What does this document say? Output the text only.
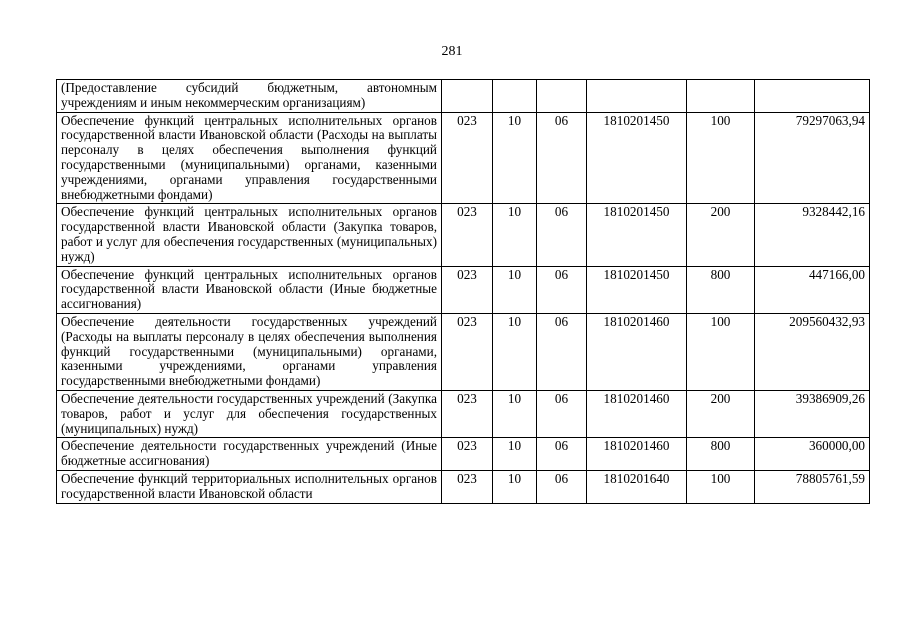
281
(Предоставление субсидий бюджетным, автономным учреждениям и иным некоммерческим организациям)						
Обеспечение функций центральных исполнительных органов государственной власти Ивановской области (Расходы на выплаты персоналу в целях обеспечения выполнения функций государственными (муниципальными) органами, казенными учреждениями, органами управления государственными внебюджетными фондами)	023	10	06	1810201450	100	79297063,94
Обеспечение функций центральных исполнительных органов государственной власти Ивановской области (Закупка товаров, работ и услуг для обеспечения государственных (муниципальных) нужд)	023	10	06	1810201450	200	9328442,16
Обеспечение функций центральных исполнительных органов государственной власти Ивановской области (Иные бюджетные ассигнования)	023	10	06	1810201450	800	447166,00
Обеспечение деятельности государственных учреждений (Расходы на выплаты персоналу в целях обеспечения выполнения функций государственными (муниципальными) органами, казенными учреждениями, органами управления государственными внебюджетными фондами)	023	10	06	1810201460	100	209560432,93
Обеспечение деятельности государственных учреждений (Закупка товаров, работ и услуг для обеспечения государственных (муниципальных) нужд)	023	10	06	1810201460	200	39386909,26
Обеспечение деятельности государственных учреждений (Иные бюджетные ассигнования)	023	10	06	1810201460	800	360000,00
Обеспечение функций территориальных исполнительных органов государственной власти Ивановской области	023	10	06	1810201640	100	78805761,59
